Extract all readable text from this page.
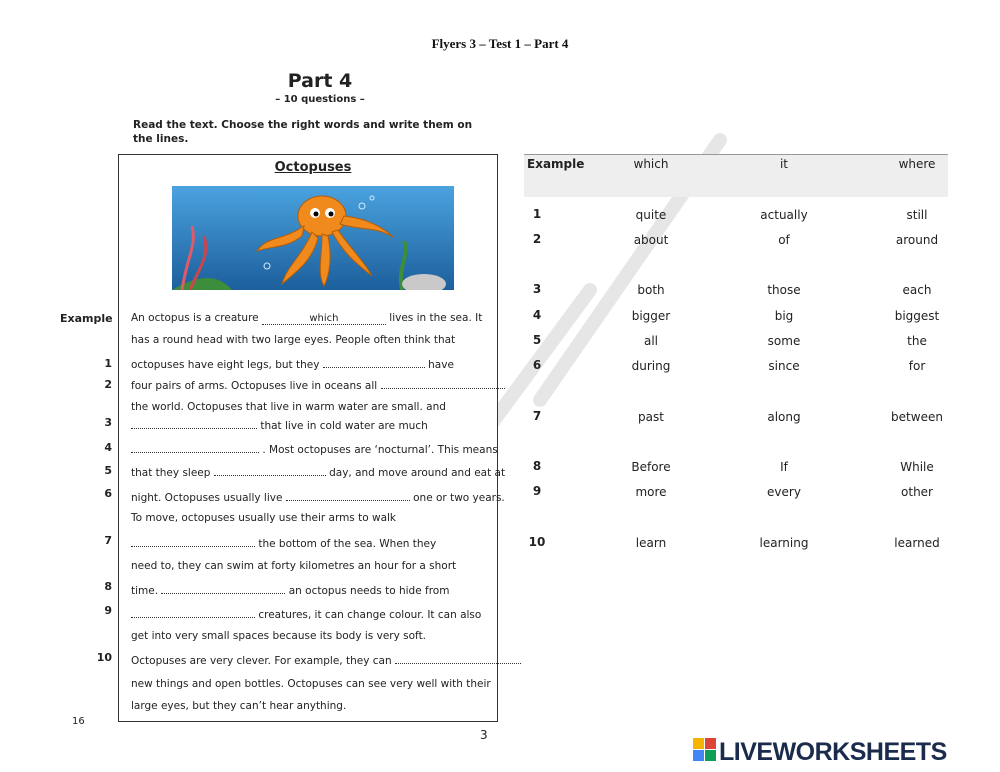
Flyers 3 – Test 1 – Part 4
Part 4
– 10 questions –
Read the text. Choose the right words and write them on the lines.
Octopuses
Example An octopus is a creature	which	lives in the sea. It
has a round head with two large eyes. People often think that
1 octopuses have eight legs, but they	have
2 four pairs of arms. Octopuses live in oceans all
the world. Octopuses that live in warm water are small. and
3	that live in cold water are much
4	. Most octopuses are ‘nocturnal’. This means
5 that they sleep	day, and move around and eat at
6 night. Octopuses usually live	one or two years.
To move, octopuses usually use their arms to walk
7	the bottom of the sea. When they
need to, they can swim at forty kilometres an hour for a short
8 time.	an octopus needs to hide from
9	creatures, it can change colour. It can also
get into very small spaces because its body is very soft.
10 Octopuses are very clever. For example, they can
new things and open bottles. Octopuses can see very well with their
large eyes, but they can’t hear anything.
16
3
Example	which	it	where
1	quite	actually	still
2	about	of	around
3	both	those	each
4	bigger	big	biggest
5	all	some	the
6	during	since	for
7	past	along	between
8	Before	If	While
9	more	every	other
10	learn	learning	learned
LIVEWORKSHEETS
